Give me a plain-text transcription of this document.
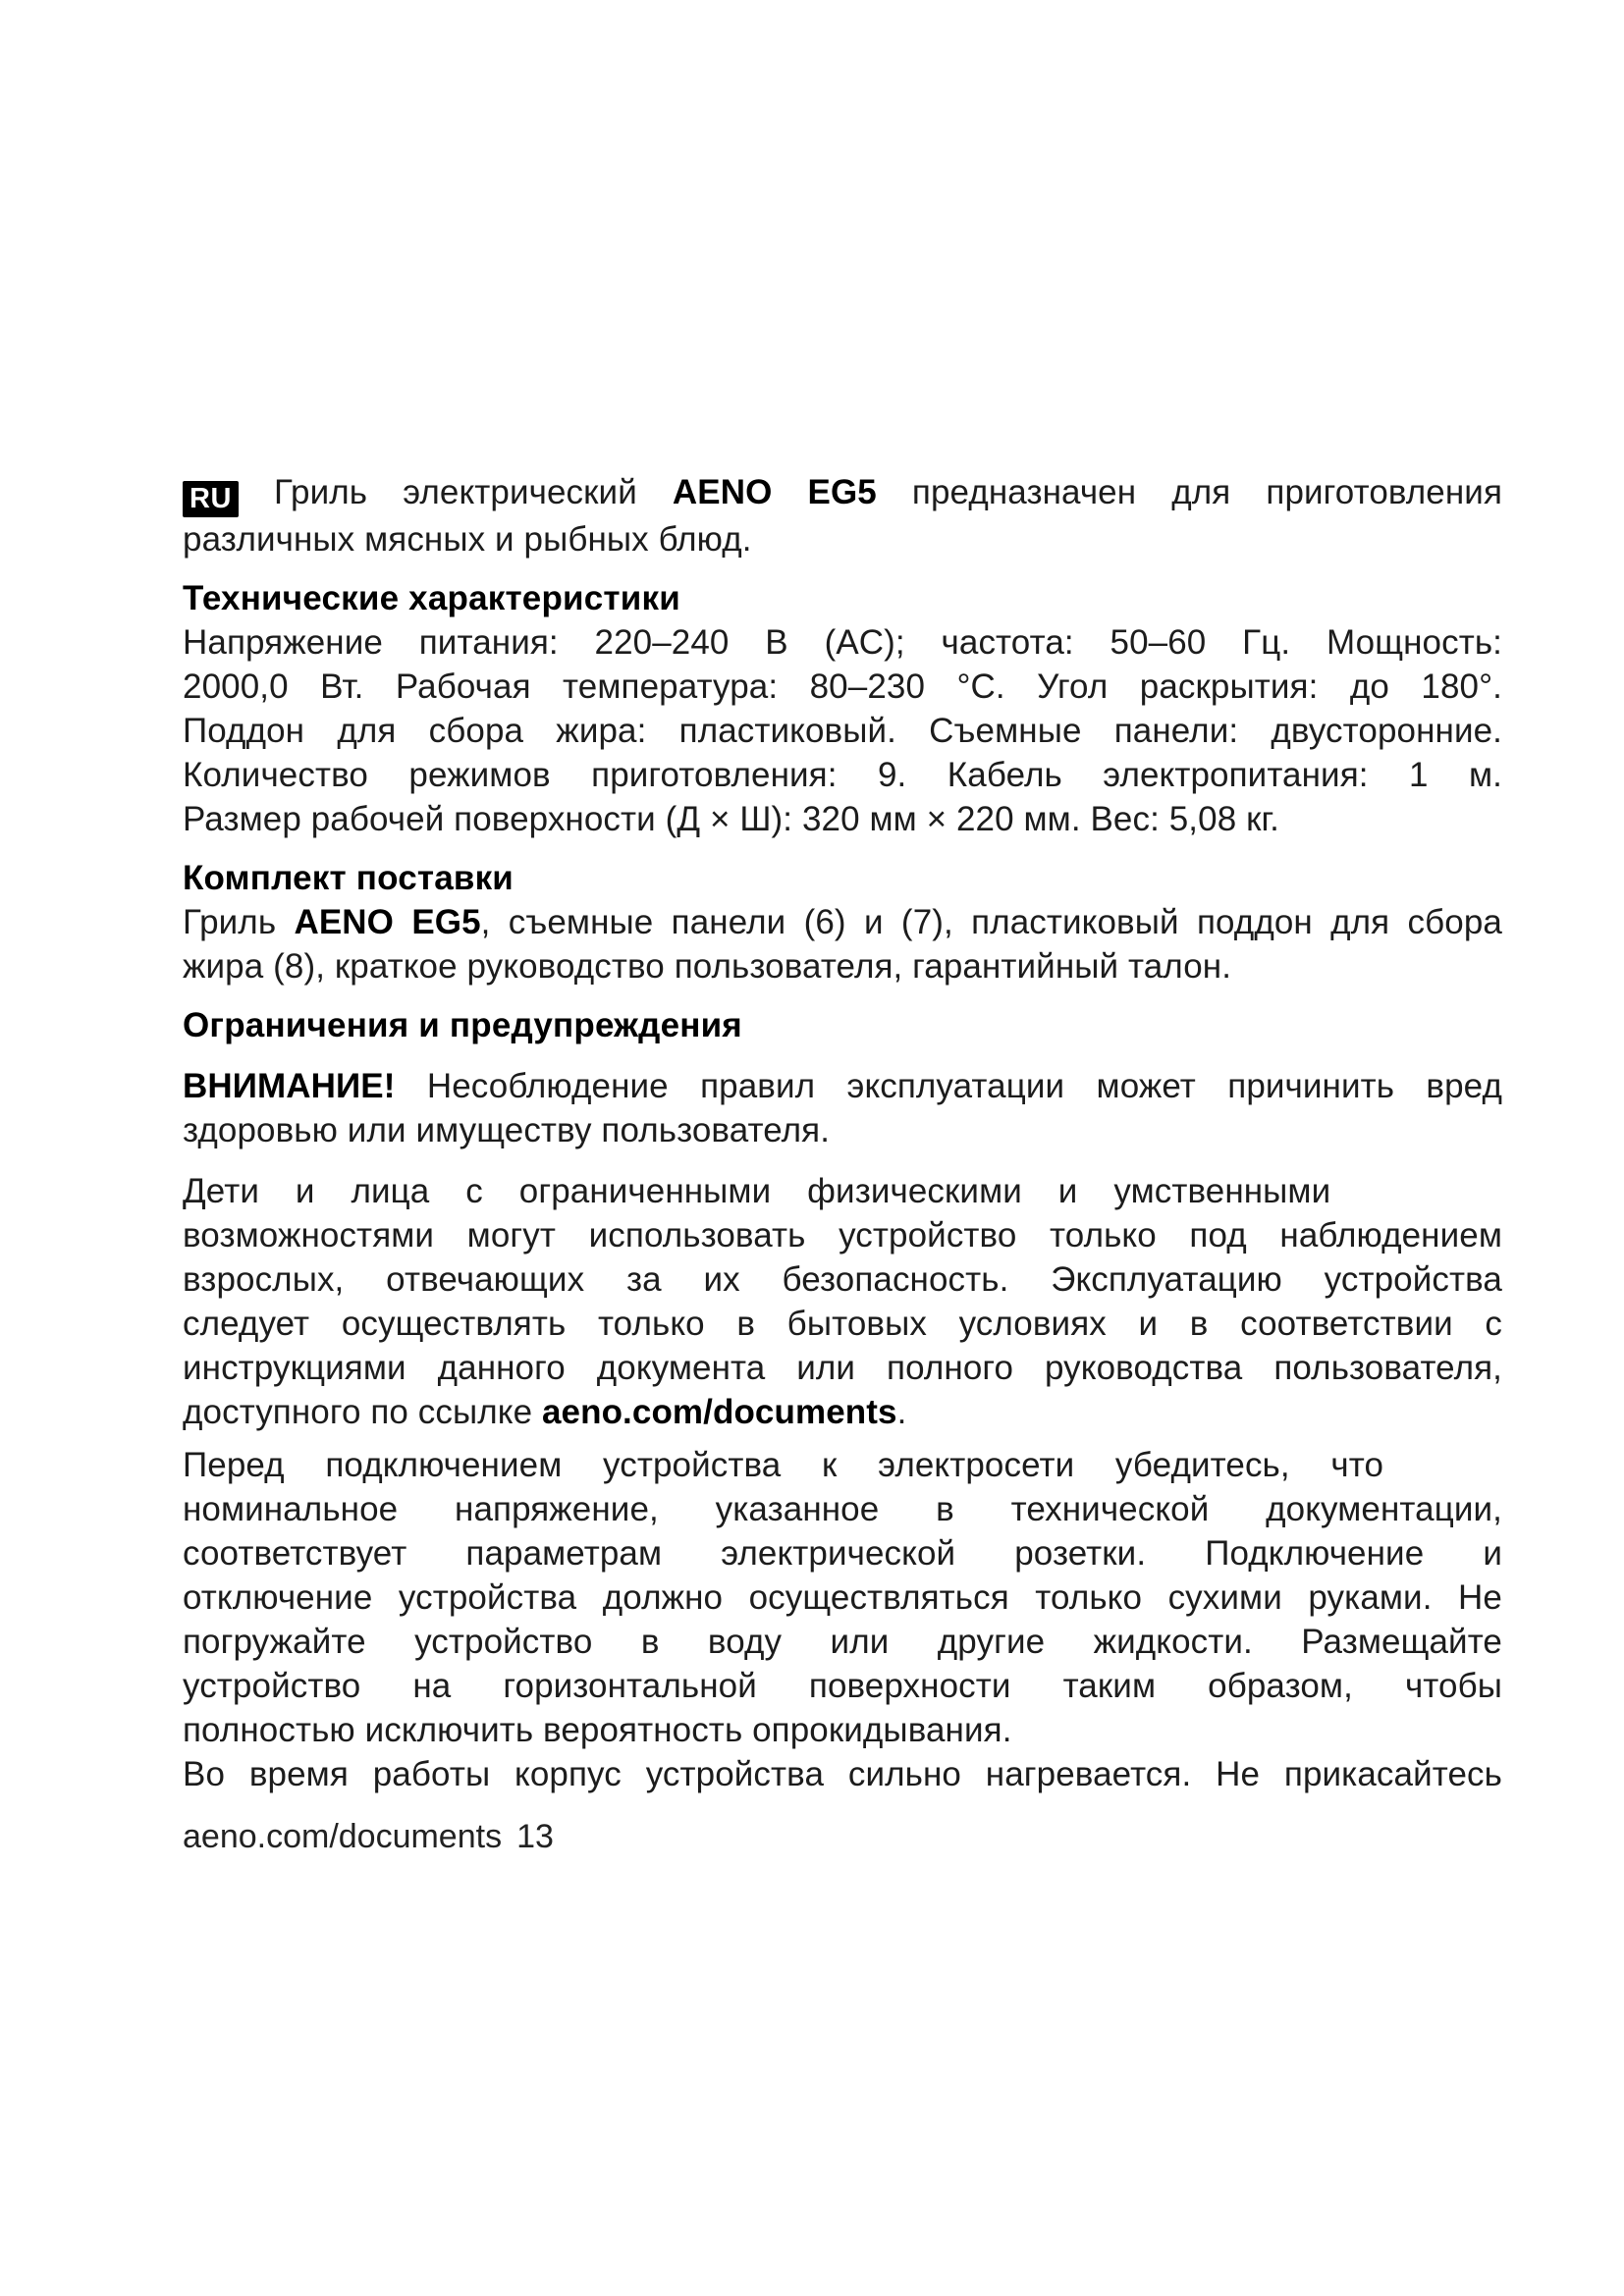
RU Гриль электрический AENO EG5 предназначен для приготовления
различных мясных и рыбных блюд.
Технические характеристики
Напряжение питания: 220–240 В (AC); частота: 50–60 Гц. Мощность:
2000,0 Вт. Рабочая температура: 80–230 °C. Угол раскрытия: до 180°.
Поддон для сбора жира: пластиковый. Съемные панели: двусторонние.
Количество режимов приготовления: 9. Кабель электропитания: 1 м.
Размер рабочей поверхности (Д × Ш): 320 мм × 220 мм. Вес: 5,08 кг.
Комплект поставки
Гриль AENO EG5, съемные панели (6) и (7), пластиковый поддон для сбора
жира (8), краткое руководство пользователя, гарантийный талон.
Ограничения и предупреждения
ВНИМАНИЕ! Несоблюдение правил эксплуатации может причинить вред
здоровью или имуществу пользователя.
Дети и лица с ограниченными физическими и умственными
возможностями могут использовать устройство только под наблюдением
взрослых, отвечающих за их безопасность. Эксплуатацию устройства
следует осуществлять только в бытовых условиях и в соответствии с
инструкциями данного документа или полного руководства пользователя,
доступного по ссылке aeno.com/documents.
Перед подключением устройства к электросети убедитесь, что
номинальное напряжение, указанное в технической документации,
соответствует параметрам электрической розетки. Подключение и
отключение устройства должно осуществляться только сухими руками. Не
погружайте устройство в воду или другие жидкости. Размещайте
устройство на горизонтальной поверхности таким образом, чтобы
полностью исключить вероятность опрокидывания.
Во время работы корпус устройства сильно нагревается. Не прикасайтесь
aeno.com/documents 13
